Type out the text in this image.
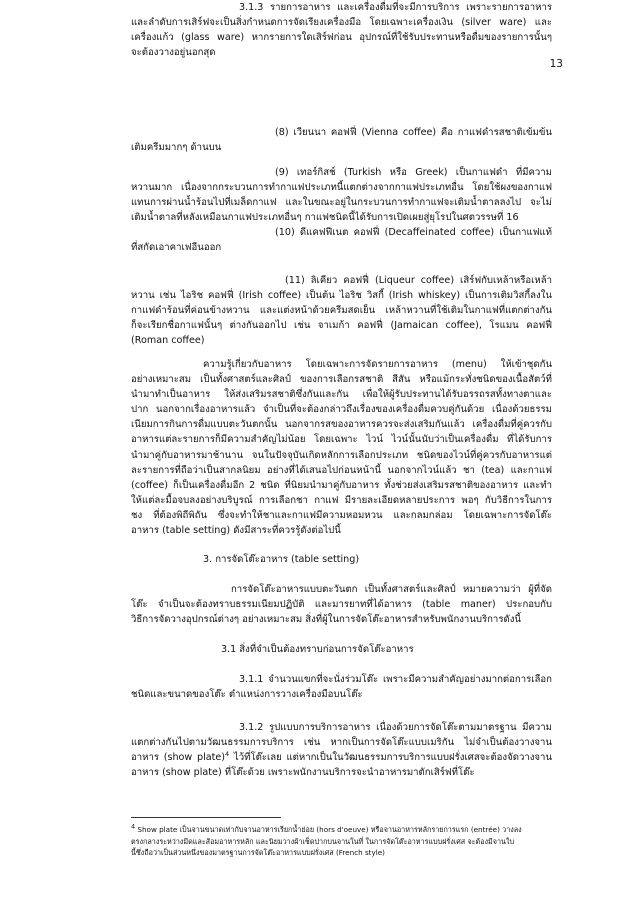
13
(8) เวียนนา คอฟฟี่ (Vienna coffee) คือ กาแฟดำรสชาติเข้มข้น
เติมครีมมากๆ ด้านบน
(9) เทอร์กิสช์ (Turkish หรือ Greek) เป็นกาแฟดำ ที่มีความ
หวานมาก เนื่องจากกระบวนการทำกาแฟประเภทนี้แตกต่างจากกาแฟประเภทอื่น โดยใช้ผงของกาแฟ
แทนการผ่านน้ำร้อนไปที่เมล็ดกาแฟ และในขณะอยู่ในกระบวนการทำกาแฟจะเติมน้ำตาลลงไป จะไม่
เติมน้ำตาลที่หลังเหมือนกาแฟประเภทอื่นๆ กาแฟชนิดนี้ได้รับการเปิดเผยสู่ยุโรปในศตวรรษที่ 16
(10) ดีแคฟฟีเนต คอฟฟี่ (Decaffeinated coffee) เป็นกาแฟแท้
ที่สกัดเอาคาเฟอีนออก
(11) ลิเคียว คอฟฟี่ (Liqueur coffee) เสิร์ฟกับเหล้าหรือเหล้า
หวาน เช่น ไอริช คอฟฟี่ (Irish coffee) เป็นต้น ไอริช วิสกี้ (Irish whiskey) เป็นการเติมวิสกี้ลงใน
กาแฟดำร้อนที่ค่อนข้างหวาน และแต่งหน้าด้วยครีมสดเย็น เหล้าหวานที่ใช้เติมในกาแฟที่แตกต่างกัน
ก็จะเรียกชื่อกาแฟนั้นๆ ต่างกันออกไป เช่น จาเมก้า คอฟฟี่ (Jamaican coffee), โรแมน คอฟฟี่
(Roman coffee)
ความรู้เกี่ยวกับอาหาร โดยเฉพาะการจัดรายการอาหาร (menu) ให้เข้าชุดกัน
อย่างเหมาะสม เป็นทั้งศาสตร์และศิลป์ ของการเลือกรสชาติ สีสัน หรือแม้กระทั่งชนิดของเนื้อสัตว์ที่
นำมาทำเป็นอาหาร ให้ส่งเสริมรสชาติซึ่งกันและกัน เพื่อให้ผู้รับประทานได้รับอรรถรสทั้งทางตาและ
ปาก นอกจากเรื่องอาหารแล้ว จำเป็นที่จะต้องกล่าวถึงเรื่องของเครื่องดื่มควบคู่กันด้วย เนื่องด้วยธรรม
เนียมการกินการดื่มแบบตะวันตกนั้น นอกจากรสของอาหารควรจะส่งเสริมกันแล้ว เครื่องดื่มที่คู่ควรกับ
อาหารแต่ละรายการก็มีความสำคัญไม่น้อย โดยเฉพาะ ไวน์ ไวน์นั้นนับว่าเป็นเครื่องดื่ม ที่ได้รับการ
นำมาคู่กับอาหารมาช้านาน จนในปัจจุบันเกิดหลักการเลือกประเภท ชนิดของไวน์ที่คู่ควรกับอาหารแต่
ละรายการที่ถือว่าเป็นสากลนิยม อย่างที่ได้เสนอไปก่อนหน้านี้ นอกจากไวน์แล้ว ชา (tea) และกาแฟ
(coffee) ก็เป็นเครื่องดื่มอีก 2 ชนิด ที่นิยมนำมาคู่กับอาหาร ทั้งช่วยส่งเสริมรสชาติของอาหาร และทำ
ให้แต่ละมื้อจบลงอย่างบริบูรณ์ การเลือกชา กาแฟ มีรายละเอียดหลายประการ พอๆ กับวิธีการในการ
ชง ที่ต้องพิถีพิถัน ซึ่งจะทำให้ชาและกาแฟมีความหอมหวน และกลมกล่อม โดยเฉพาะการจัดโต๊ะ
อาหาร (table setting) ดังมีสาระที่ควรรู้ดังต่อไปนี้
3. การจัดโต๊ะอาหาร (table setting)
การจัดโต๊ะอาหารแบบตะวันตก เป็นทั้งศาสตร์และศิลป์ หมายความว่า ผู้ที่จัด
โต๊ะ จำเป็นจะต้องทราบธรรมเนียมปฏิบัติ และมารยาทที่ได้อาหาร (table maner) ประกอบกับ
วิธีการจัดวางอุปกรณ์ต่างๆ อย่างเหมาะสม สิ่งที่ผู้ในการจัดโต๊ะอาหารสำหรับพนักงานบริการดังนี้
3.1 สิ่งที่จำเป็นต้องทราบก่อนการจัดโต๊ะอาหาร
3.1.1 จำนวนแขกที่จะนั่งร่วมโต๊ะ เพราะมีความสำคัญอย่างมากต่อการเลือก
ชนิดและขนาดของโต๊ะ ตำแหน่งการวางเครื่องมือบนโต๊ะ
3.1.2 รูปแบบการบริการอาหาร เนื่องด้วยการจัดโต๊ะตามมาตรฐาน มีความ
แตกต่างกันไปตามวัฒนธรรมการบริการ เช่น หากเป็นการจัดโต๊ะแบบเมริกัน ไม่จำเป็นต้องวางจาน
อาหาร (show plate)$^4$ ไว้ที่โต๊ะเลย แต่หากเป็นในวัฒนธรรมการบริการแบบฝรั่งเศสจะต้องจัดวางจาน
อาหาร (show plate) ที่โต๊ะด้วย เพราะพนักงานบริการจะนำอาหารมาตักเสิร์ฟที่โต๊ะ
3.1.3 รายการอาหาร และเครื่องดื่มที่จะมีการบริการ เพราะรายการอาหาร
และลำดับการเสิร์ฟจะเป็นสิ่งกำหนดการจัดเรียงเครื่องมือ โดยเฉพาะเครื่องเงิน (silver ware) และ
เครื่องแก้ว (glass ware) หากรายการใดเสิร์ฟก่อน อุปกรณ์ที่ใช้รับประทานหรือดื่มของรายการนั้นๆ
จะต้องวางอยู่นอกสุด
$^4$ Show plate เป็นจานขนาดเท่ากับจานอาหารเรียกน้ำย่อย (hors d'oeuve) หรือจานอาหารหลักรายการแรก (entrée) วางลง
ตรงกลางระหว่างมีดและส้อมอาหารหลัก และนิยมวางผ้าเช็ดปากบนจานในที่ ในการจัดโต๊ะอาหารแบบฝรั่งเศส จะต้องมีจานใบ
นี้ซึ่งถือว่าเป็นส่วนหนึ่งของมาตรฐานการจัดโต๊ะอาหารแบบฝรั่งเศส (French style)
